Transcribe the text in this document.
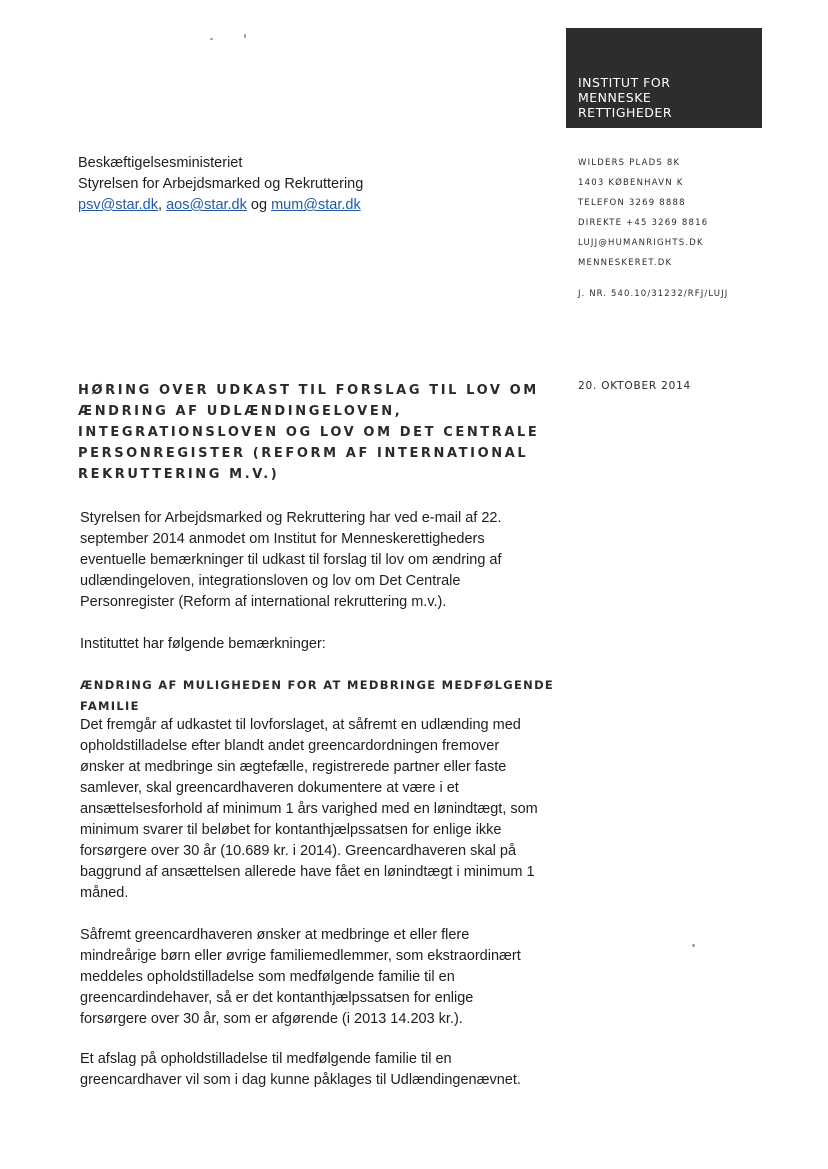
INSTITUT FOR
MENNESKE
RETTIGHEDER
Beskæftigelsesministeriet
Styrelsen for Arbejdsmarked og Rekruttering
psv@star.dk, aos@star.dk og mum@star.dk
WILDERS PLADS 8K
1403 KØBENHAVN K
TELEFON 3269 8888
DIREKTE +45 3269 8816
LUJJ@HUMANRIGHTS.DK
MENNESKERET.DK
J. NR. 540.10/31232/RFJ/LUJJ
20. OKTOBER 2014
HØRING OVER UDKAST TIL FORSLAG TIL LOV OM
ÆNDRING AF UDLÆNDINGELOVEN,
INTEGRATIONSLOVEN OG LOV OM DET CENTRALE
PERSONREGISTER (REFORM AF INTERNATIONAL
REKRUTTERING M.V.)
Styrelsen for Arbejdsmarked og Rekruttering har ved e-mail af 22.
september 2014 anmodet om Institut for Menneskerettigheders
eventuelle bemærkninger til udkast til forslag til lov om ændring af
udlændingeloven, integrationsloven og lov om Det Centrale
Personregister (Reform af international rekruttering m.v.).
Instituttet har følgende bemærkninger:
ÆNDRING AF MULIGHEDEN FOR AT MEDBRINGE MEDFØLGENDE
FAMILIE
Det fremgår af udkastet til lovforslaget, at såfremt en udlænding med
opholdstilladelse efter blandt andet greencardordningen fremover
ønsker at medbringe sin ægtefælle, registrerede partner eller faste
samlever, skal greencardhaveren dokumentere at være i et
ansættelsesforhold af minimum 1 års varighed med en lønindtægt, som
minimum svarer til beløbet for kontanthjælpssatsen for enlige ikke
forsørgere over 30 år (10.689 kr. i 2014). Greencardhaveren skal på
baggrund af ansættelsen allerede have fået en lønindtægt i minimum 1
måned.
Såfremt greencardhaveren ønsker at medbringe et eller flere
mindreårige børn eller øvrige familiemedlemmer, som ekstraordinært
meddeles opholdstilladelse som medfølgende familie til en
greencardindehaver, så er det kontanthjælpssatsen for enlige
forsørgere over 30 år, som er afgørende (i 2013 14.203 kr.).
Et afslag på opholdstilladelse til medfølgende familie til en
greencardhaver vil som i dag kunne påklages til Udlændingenævnet.
